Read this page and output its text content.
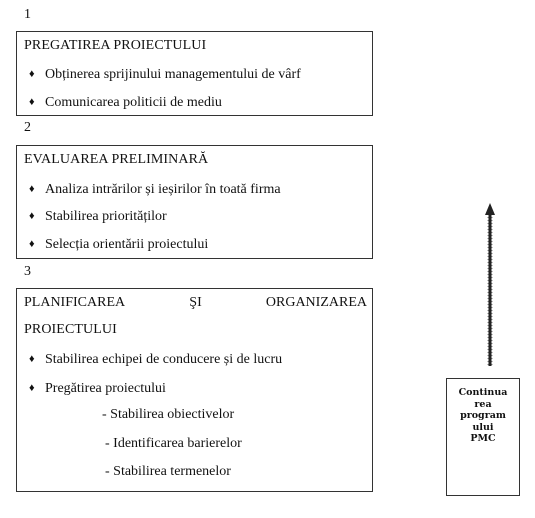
1
PREGATIREA PROIECTULUI
♦ Obținerea sprijinului managementului de vârf
♦ Comunicarea politicii de mediu
2
EVALUAREA PRELIMINARĂ
♦ Analiza intrărilor și ieșirilor în toată firma
♦ Stabilirea priorităților
♦ Selecția orientării proiectului
3
PLANIFICAREA	ŞI	ORGANIZAREA
PROIECTULUI
♦ Stabilirea echipei de conducere și de lucru
♦ Pregătirea proiectului
- Stabilirea obiectivelor
- Identificarea barierelor
- Stabilirea termenelor
Continua
rea
program
ului
PMC
